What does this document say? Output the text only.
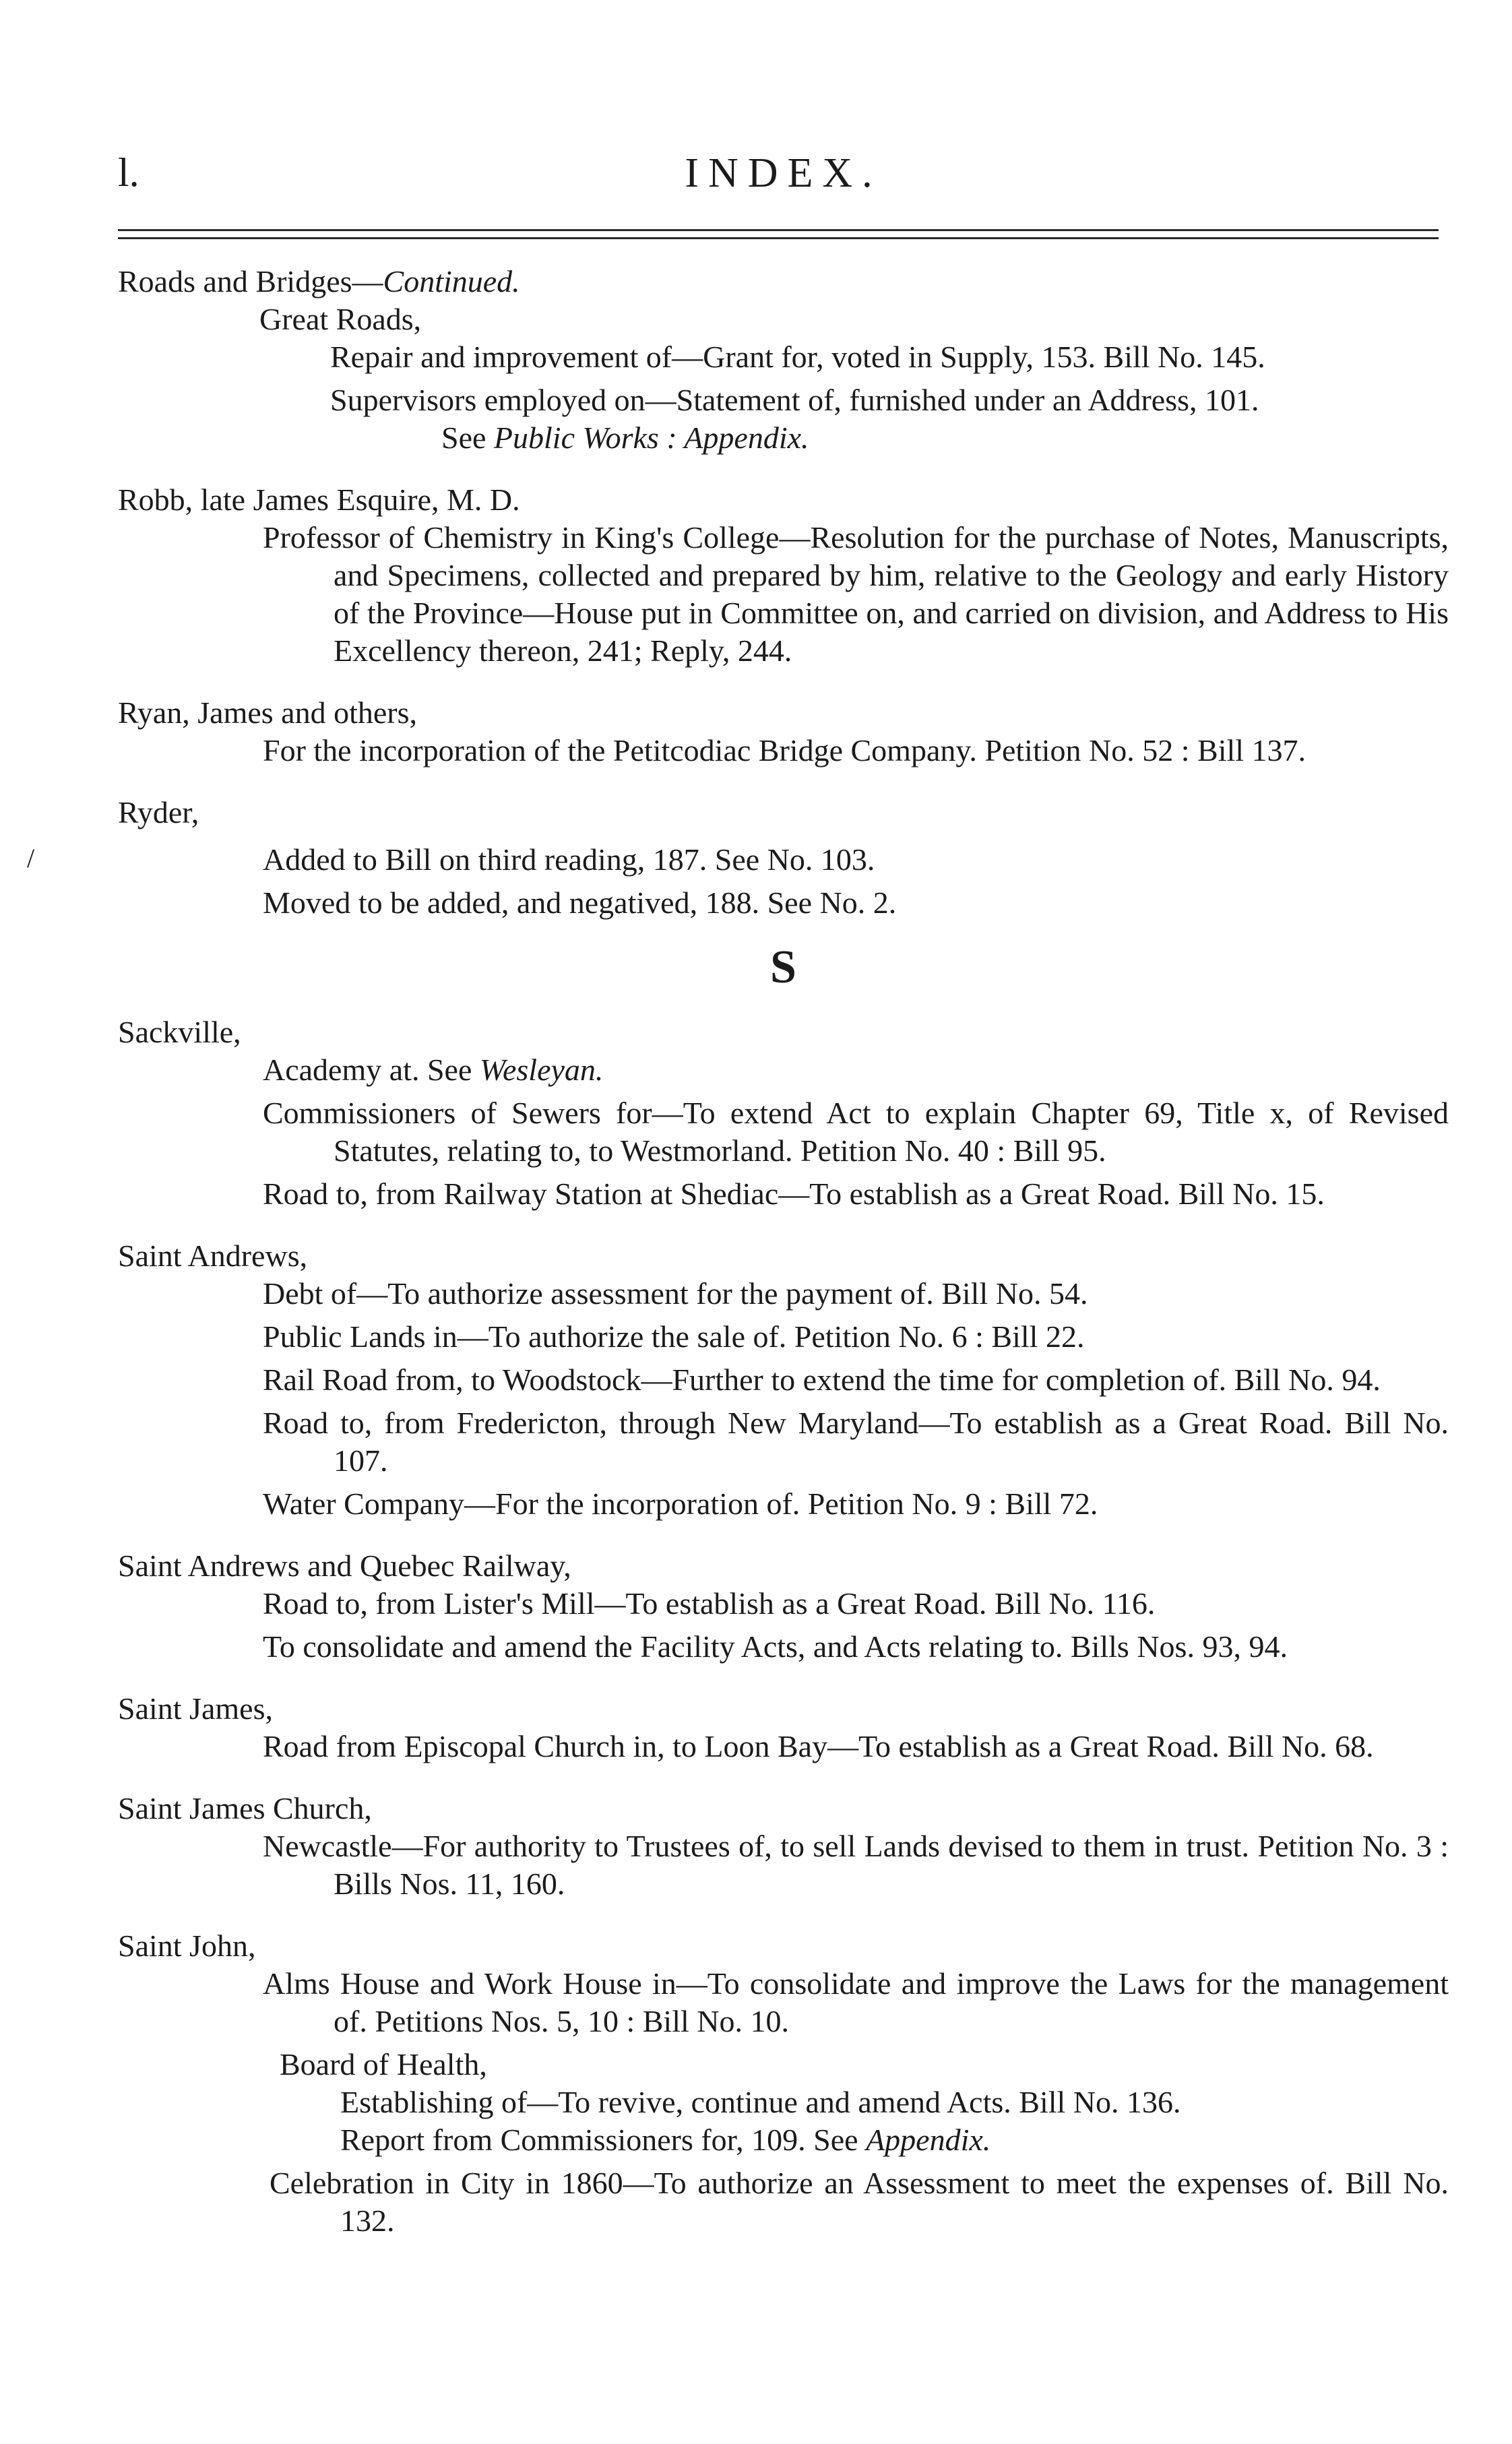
l.	INDEX.
/
Roads and Bridges—Continued.
Great Roads,
Repair and improvement of—Grant for, voted in Supply, 153. Bill No. 145.
Supervisors employed on—Statement of, furnished under an Address, 101.
See Public Works : Appendix.
Robb, late James Esquire, M. D.
Professor of Chemistry in King's College—Resolution for the purchase of Notes, Manuscripts, and Specimens, collected and prepared by him, relative to the Geology and early History of the Province—House put in Committee on, and carried on division, and Address to His Excellency thereon, 241; Reply, 244.
Ryan, James and others,
For the incorporation of the Petitcodiac Bridge Company. Petition No. 52 : Bill 137.
Ryder,
Added to Bill on third reading, 187. See No. 103.
Moved to be added, and negatived, 188. See No. 2.
S
Sackville,
Academy at. See Wesleyan.
Commissioners of Sewers for—To extend Act to explain Chapter 69, Title x, of Revised Statutes, relating to, to Westmorland. Petition No. 40 : Bill 95.
Road to, from Railway Station at Shediac—To establish as a Great Road. Bill No. 15.
Saint Andrews,
Debt of—To authorize assessment for the payment of. Bill No. 54.
Public Lands in—To authorize the sale of. Petition No. 6 : Bill 22.
Rail Road from, to Woodstock—Further to extend the time for completion of. Bill No. 94.
Road to, from Fredericton, through New Maryland—To establish as a Great Road. Bill No. 107.
Water Company—For the incorporation of. Petition No. 9 : Bill 72.
Saint Andrews and Quebec Railway,
Road to, from Lister's Mill—To establish as a Great Road. Bill No. 116.
To consolidate and amend the Facility Acts, and Acts relating to. Bills Nos. 93, 94.
Saint James,
Road from Episcopal Church in, to Loon Bay—To establish as a Great Road. Bill No. 68.
Saint James Church,
Newcastle—For authority to Trustees of, to sell Lands devised to them in trust. Petition No. 3 : Bills Nos. 11, 160.
Saint John,
Alms House and Work House in—To consolidate and improve the Laws for the management of. Petitions Nos. 5, 10 : Bill No. 10.
Board of Health,
Establishing of—To revive, continue and amend Acts. Bill No. 136.
Report from Commissioners for, 109. See Appendix.
Celebration in City in 1860—To authorize an Assessment to meet the expenses of. Bill No. 132.
